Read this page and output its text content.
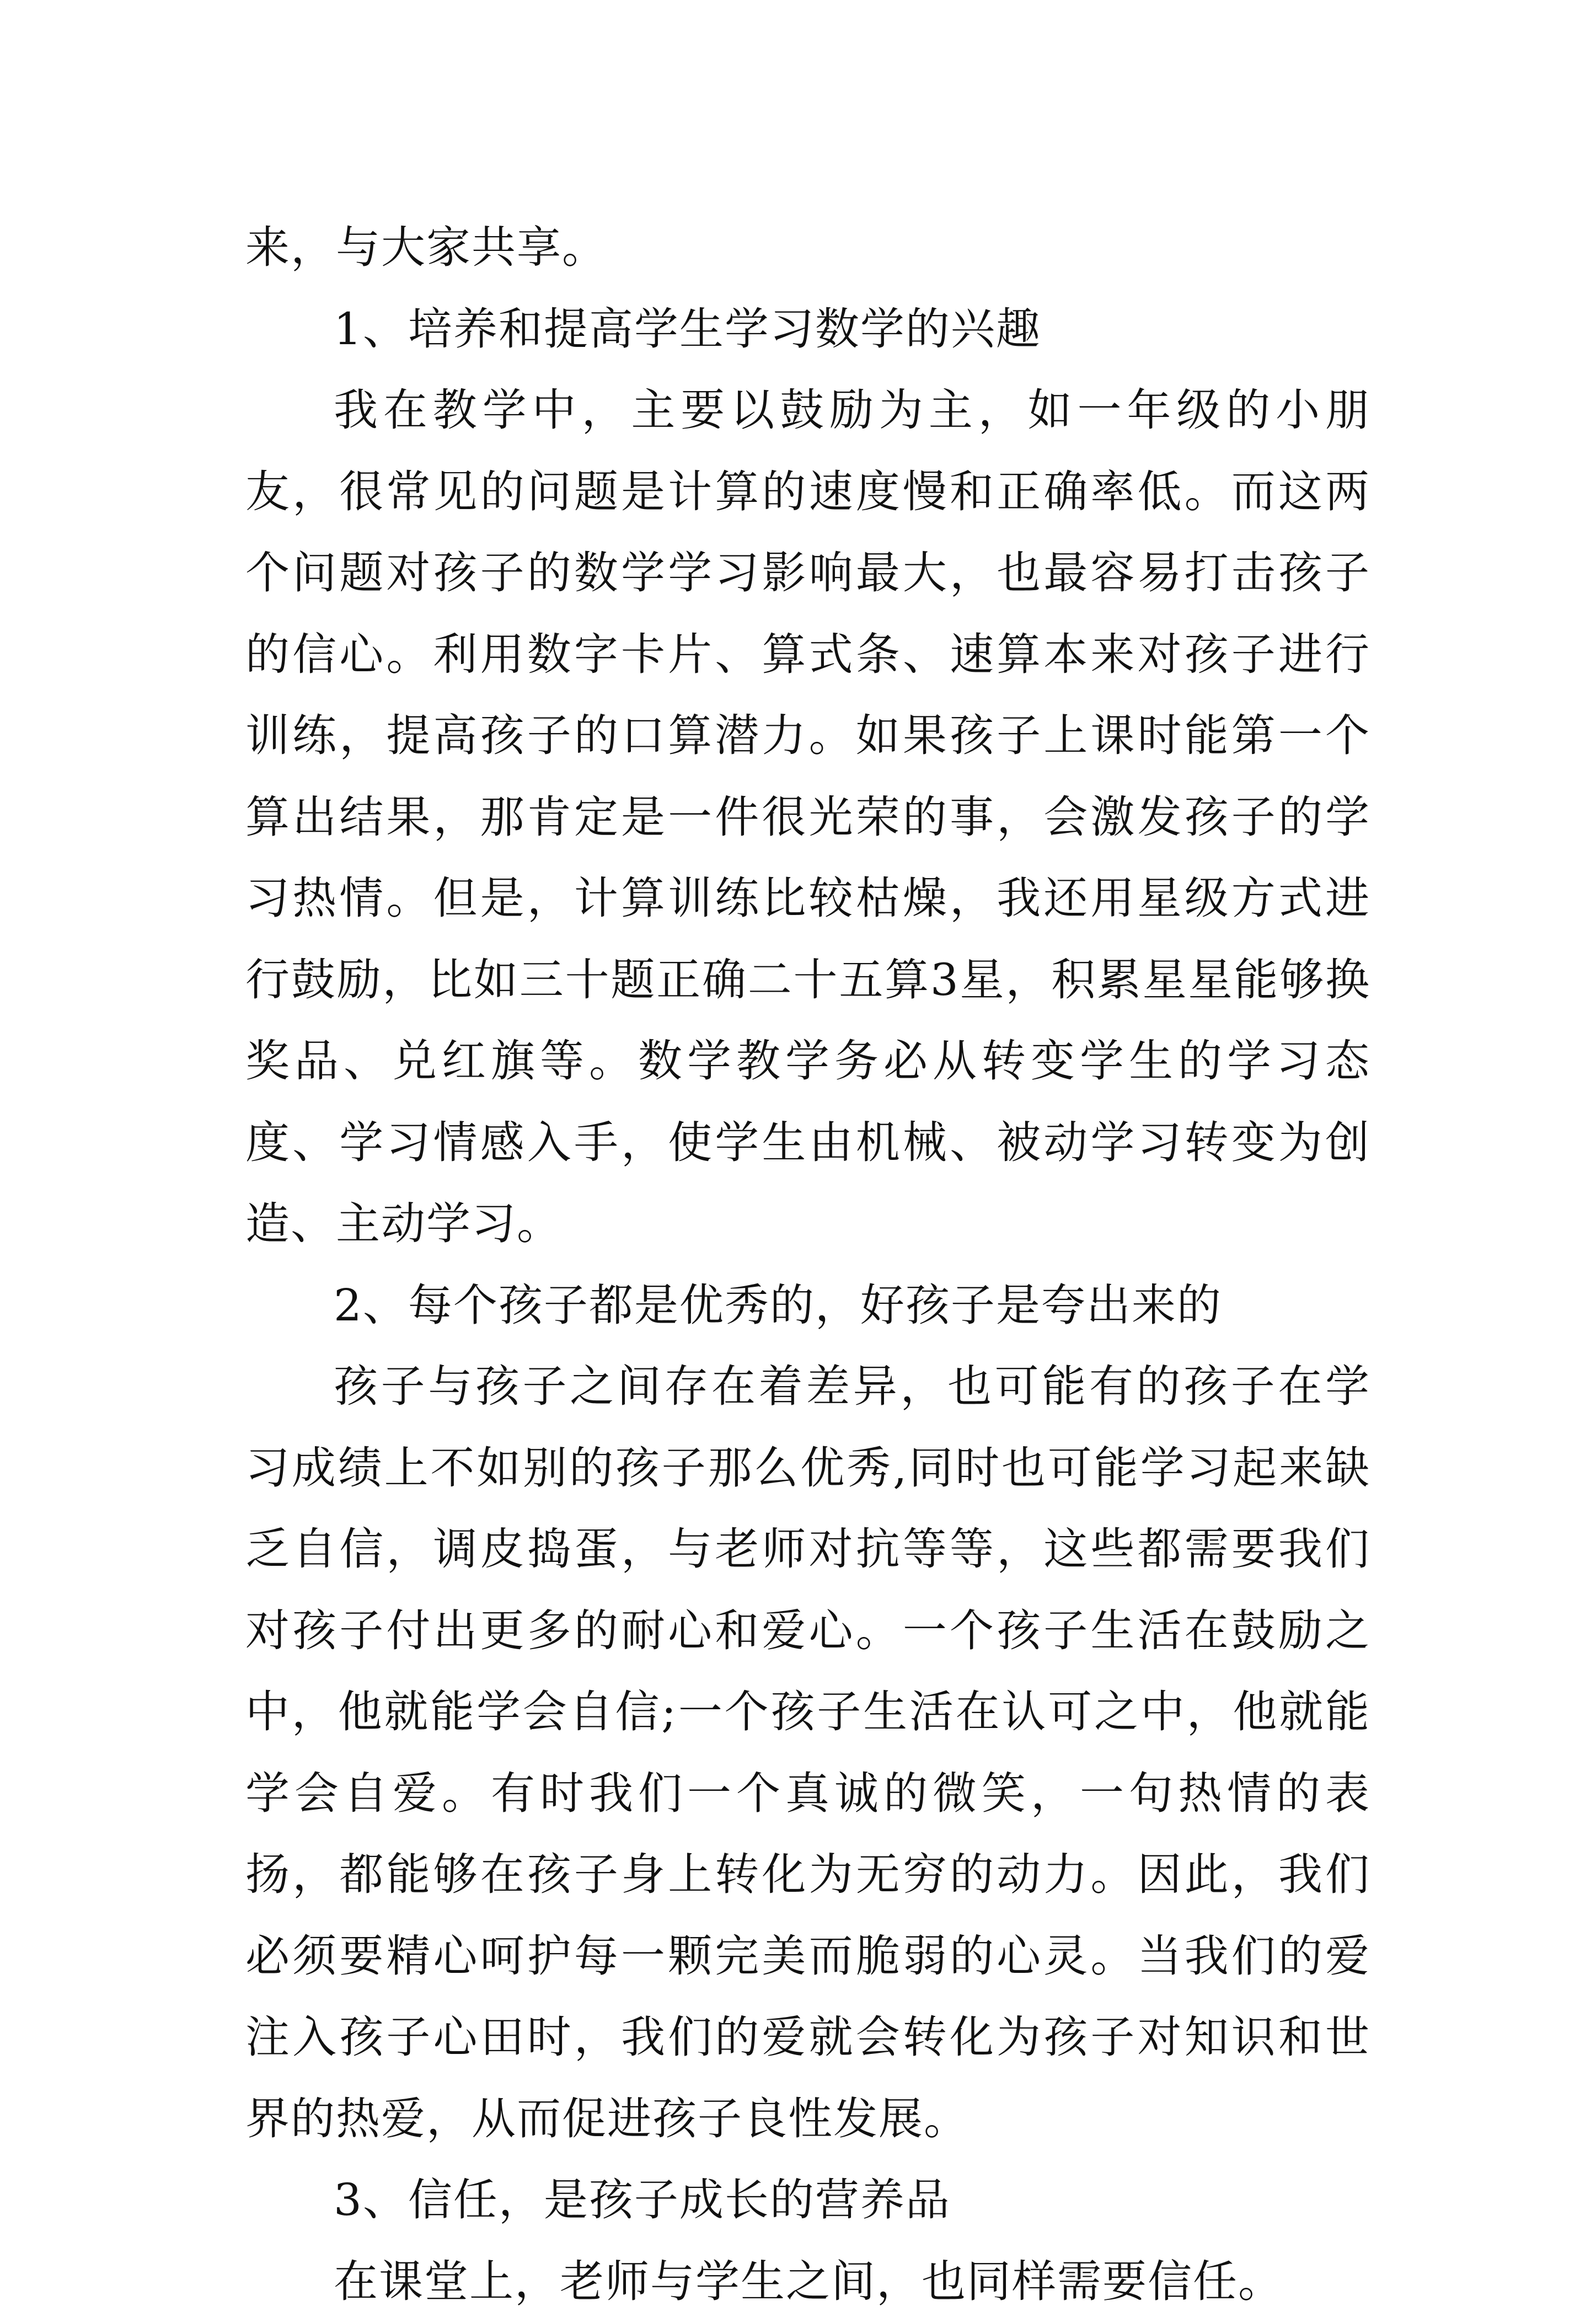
来，与大家共享。

1、培养和提高学生学习数学的兴趣

我在教学中，主要以鼓励为主，如一年级的小朋友，很常见的问题是计算的速度慢和正确率低。而这两个问题对孩子的数学学习影响最大，也最容易打击孩子的信心。利用数字卡片、算式条、速算本来对孩子进行训练，提高孩子的口算潜力。如果孩子上课时能第一个算出结果，那肯定是一件很光荣的事，会激发孩子的学习热情。但是，计算训练比较枯燥，我还用星级方式进行鼓励，比如三十题正确二十五算3星，积累星星能够换奖品、兑红旗等。数学教学务必从转变学生的学习态度、学习情感入手，使学生由机械、被动学习转变为创造、主动学习。

2、每个孩子都是优秀的，好孩子是夸出来的

孩子与孩子之间存在着差异，也可能有的孩子在学习成绩上不如别的孩子那么优秀,同时也可能学习起来缺乏自信，调皮捣蛋，与老师对抗等等，这些都需要我们对孩子付出更多的耐心和爱心。一个孩子生活在鼓励之中，他就能学会自信;一个孩子生活在认可之中，他就能学会自爱。有时我们一个真诚的微笑，一句热情的表扬，都能够在孩子身上转化为无穷的动力。因此，我们必须要精心呵护每一颗完美而脆弱的心灵。当我们的爱注入孩子心田时，我们的爱就会转化为孩子对知识和世界的热爱，从而促进孩子良性发展。

3、信任，是孩子成长的营养品

在课堂上，老师与学生之间，也同样需要信任。
